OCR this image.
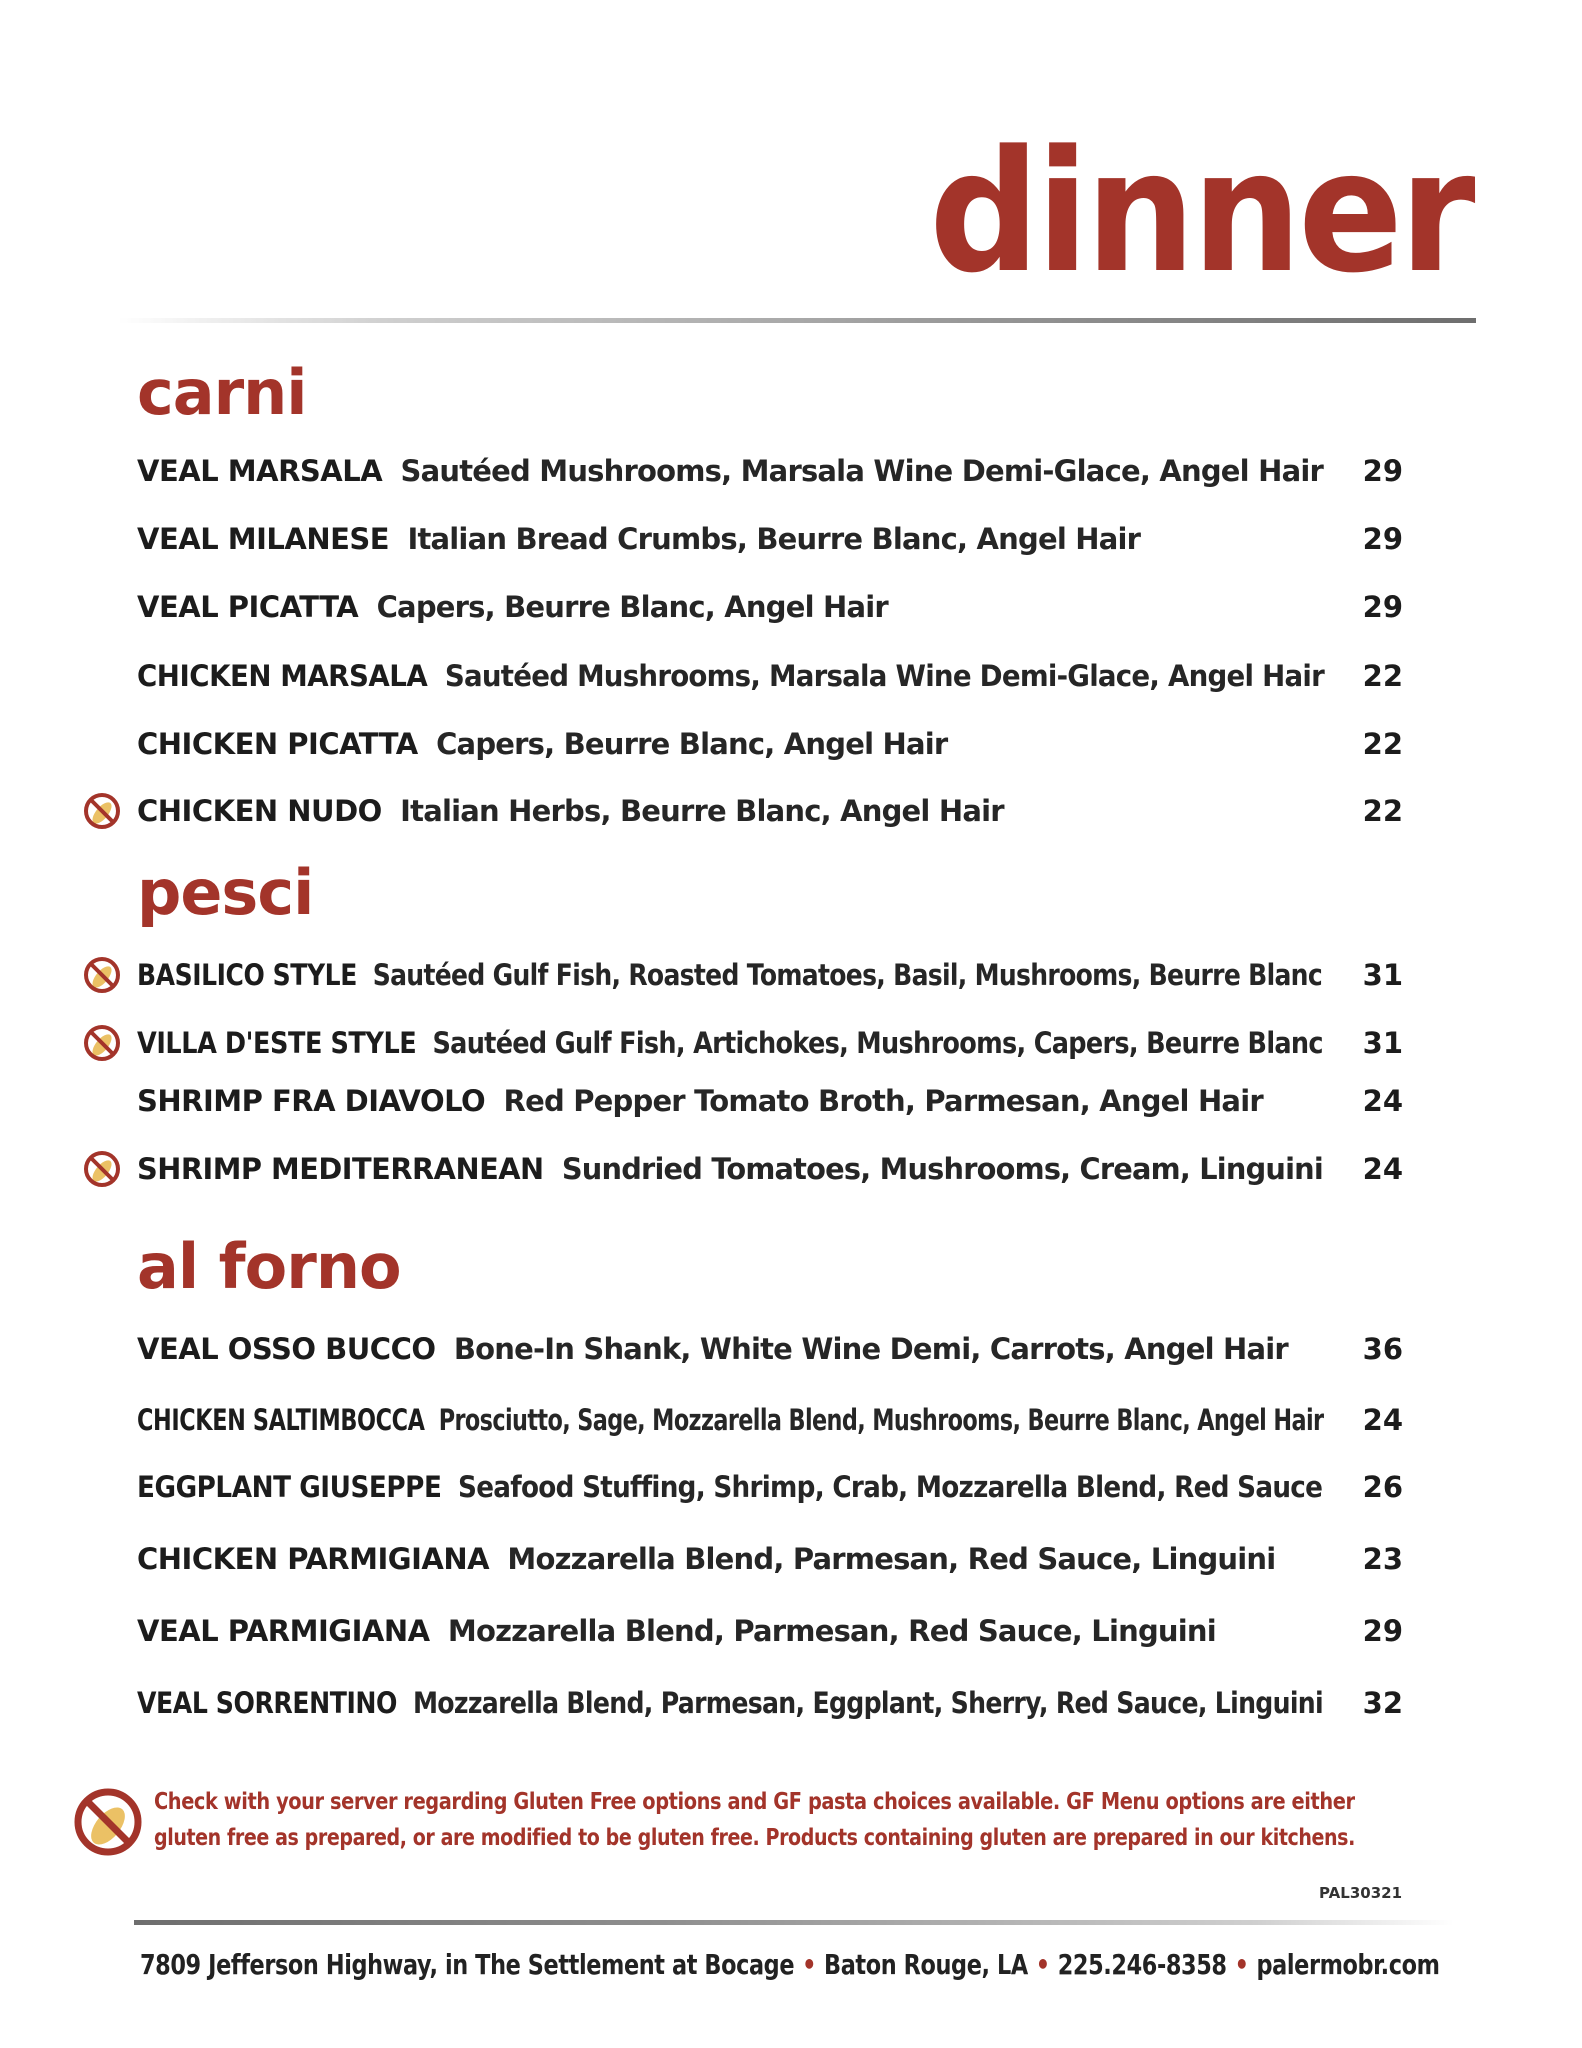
dinner
carni
VEAL MARSALA Sautéed Mushrooms, Marsala Wine Demi-Glace, Angel Hair	29
VEAL MILANESE Italian Bread Crumbs, Beurre Blanc, Angel Hair	29
VEAL PICATTA Capers, Beurre Blanc, Angel Hair	29
CHICKEN MARSALA Sautéed Mushrooms, Marsala Wine Demi-Glace, Angel Hair	22
CHICKEN PICATTA Capers, Beurre Blanc, Angel Hair	22
CHICKEN NUDO Italian Herbs, Beurre Blanc, Angel Hair	22
pesci
BASILICO STYLE Sautéed Gulf Fish, Roasted Tomatoes, Basil, Mushrooms, Beurre Blanc	31
VILLA D'ESTE STYLE Sautéed Gulf Fish, Artichokes, Mushrooms, Capers, Beurre Blanc	31
SHRIMP FRA DIAVOLO Red Pepper Tomato Broth, Parmesan, Angel Hair	24
SHRIMP MEDITERRANEAN Sundried Tomatoes, Mushrooms, Cream, Linguini	24
al forno
VEAL OSSO BUCCO Bone-In Shank, White Wine Demi, Carrots, Angel Hair	36
CHICKEN SALTIMBOCCA Prosciutto, Sage, Mozzarella Blend, Mushrooms, Beurre Blanc, Angel Hair	24
EGGPLANT GIUSEPPE Seafood Stuffing, Shrimp, Crab, Mozzarella Blend, Red Sauce	26
CHICKEN PARMIGIANA Mozzarella Blend, Parmesan, Red Sauce, Linguini	23
VEAL PARMIGIANA Mozzarella Blend, Parmesan, Red Sauce, Linguini	29
VEAL SORRENTINO Mozzarella Blend, Parmesan, Eggplant, Sherry, Red Sauce, Linguini	32
Check with your server regarding Gluten Free options and GF pasta choices available. GF Menu options are either
gluten free as prepared, or are modified to be gluten free. Products containing gluten are prepared in our kitchens.
PAL30321
7809 Jefferson Highway, in The Settlement at Bocage • Baton Rouge, LA • 225.246-8358 • palermobr.com
